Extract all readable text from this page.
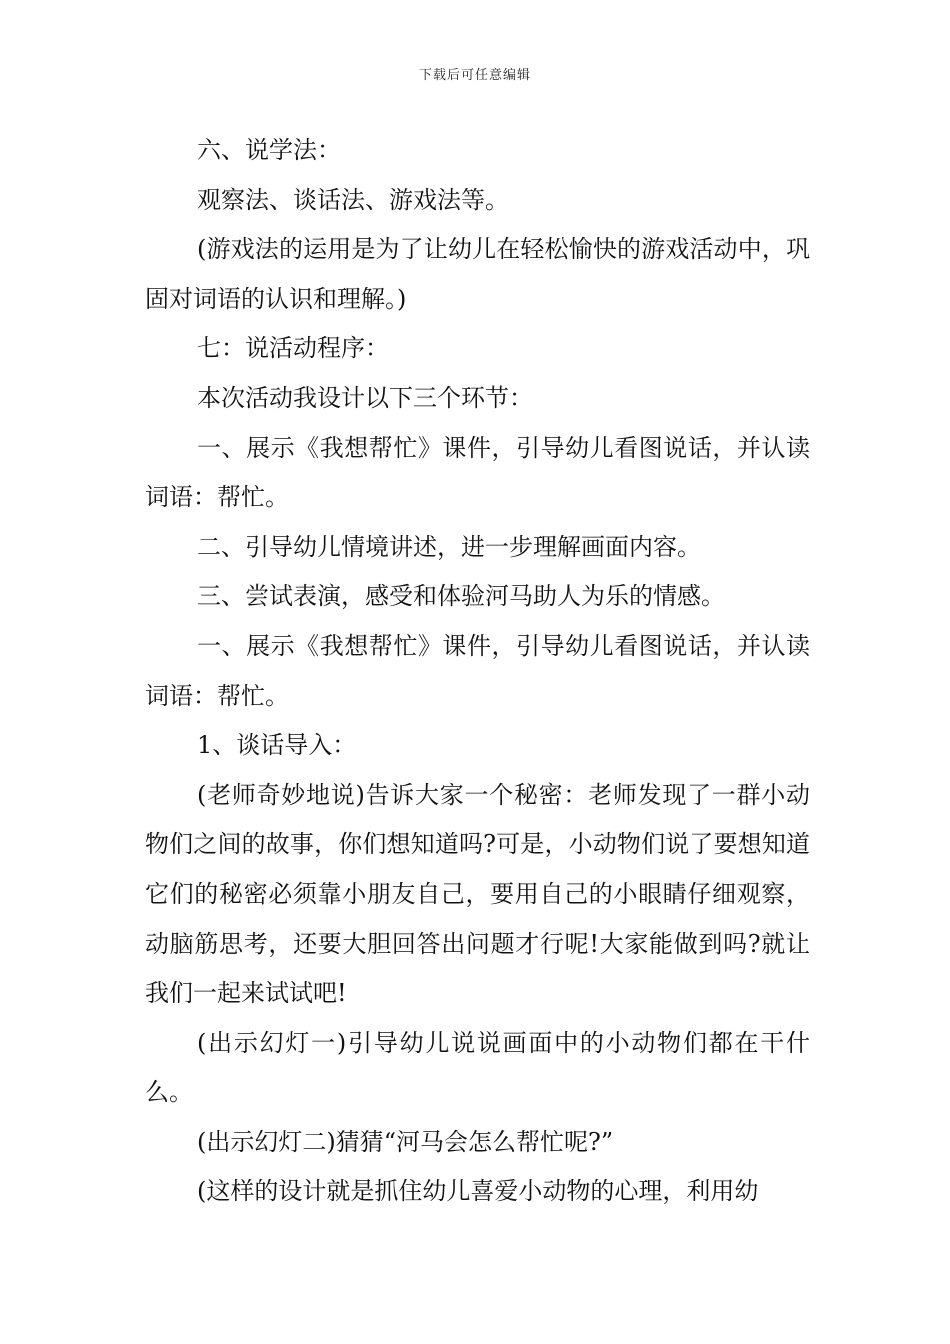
下载后可任意编辑

六、说学法：

观察法、谈话法、游戏法等。

(游戏法的运用是为了让幼儿在轻松愉快的游戏活动中，巩固对词语的认识和理解。)

七：说活动程序：

本次活动我设计以下三个环节：

一、展示《我想帮忙》课件，引导幼儿看图说话，并认读词语：帮忙。

二、引导幼儿情境讲述，进一步理解画面内容。

三、尝试表演，感受和体验河马助人为乐的情感。

一、展示《我想帮忙》课件，引导幼儿看图说话，并认读词语：帮忙。

1、谈话导入：

(老师奇妙地说)告诉大家一个秘密：老师发现了一群小动物们之间的故事，你们想知道吗?可是，小动物们说了要想知道它们的秘密必须靠小朋友自己，要用自己的小眼睛仔细观察，动脑筋思考，还要大胆回答出问题才行呢!大家能做到吗?就让我们一起来试试吧!

(出示幻灯一)引导幼儿说说画面中的小动物们都在干什么。

(出示幻灯二)猜猜“河马会怎么帮忙呢?”

(这样的设计就是抓住幼儿喜爱小动物的心理，利用幼
